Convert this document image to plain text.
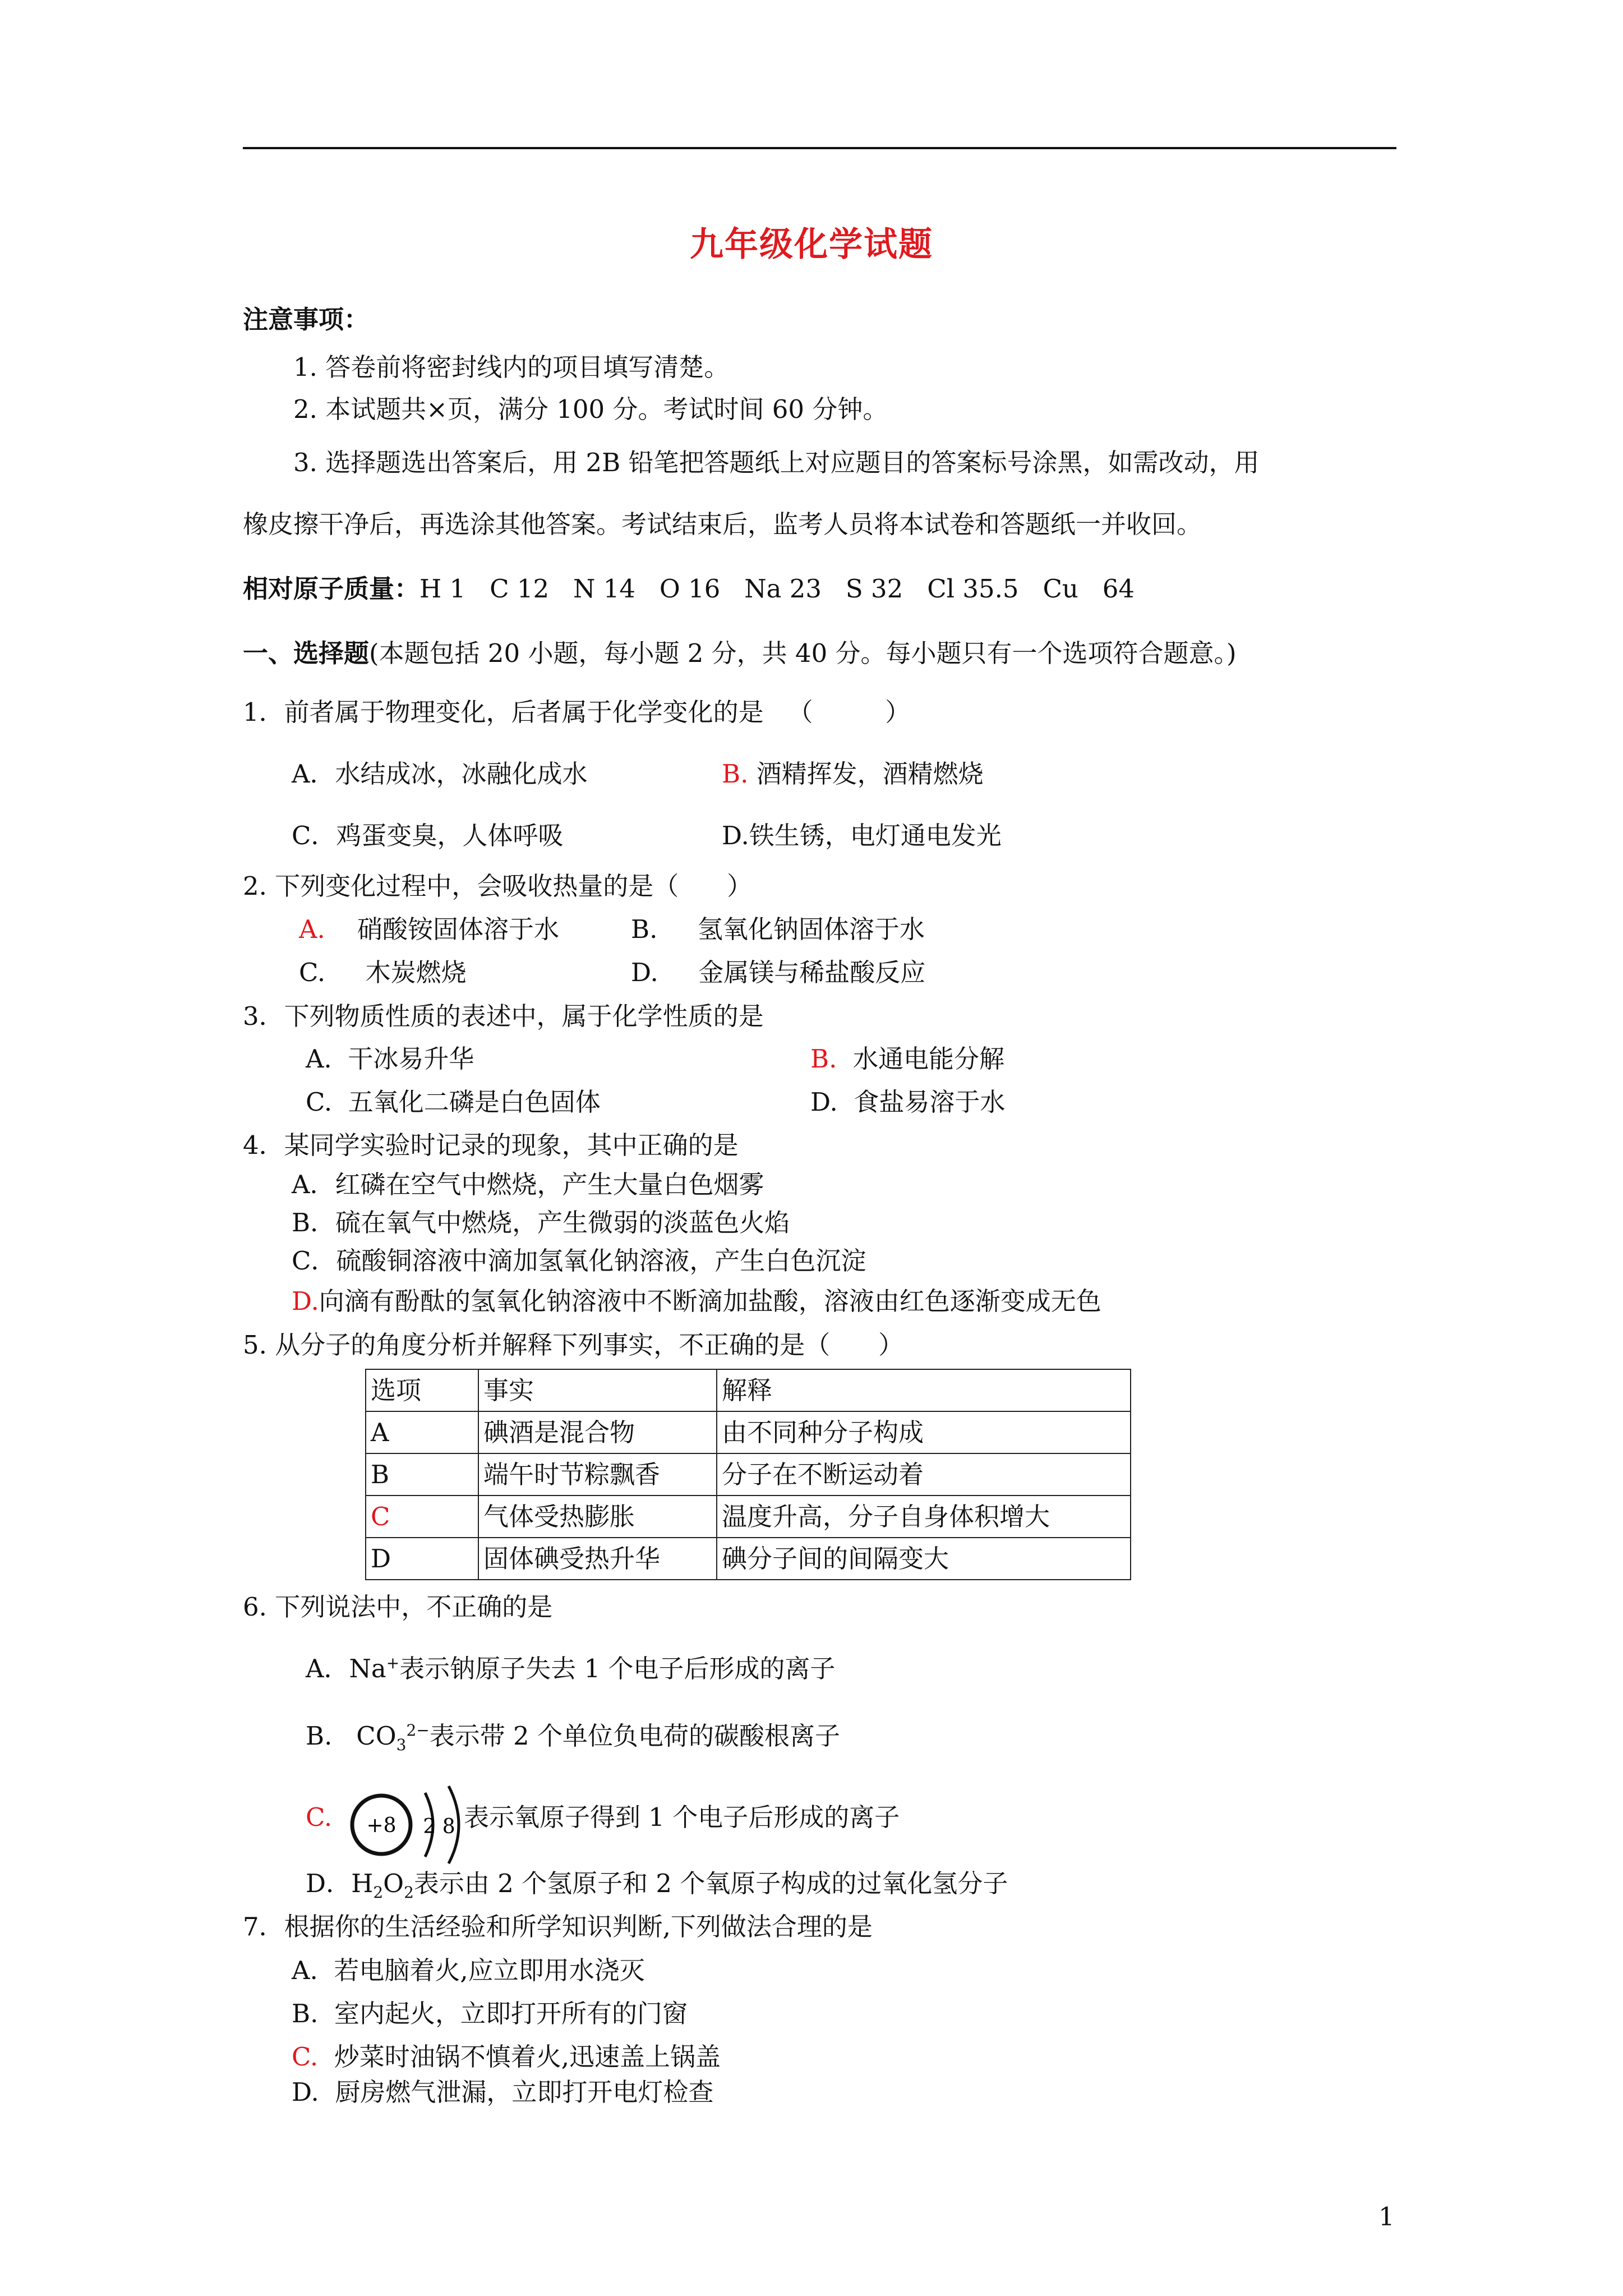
九年级化学试题
注意事项：
1. 答卷前将密封线内的项目填写清楚。
2. 本试题共×页，满分 100 分。考试时间 60 分钟。
3. 选择题选出答案后，用 2B 铅笔把答题纸上对应题目的答案标号涂黑，如需改动，用
橡皮擦干净后，再选涂其他答案。考试结束后，监考人员将本试卷和答题纸一并收回。
相对原子质量：H 1   C 12   N 14   O 16   Na 23   S 32   Cl 35.5   Cu   64
一、选择题(本题包括 20 小题，每小题 2 分，共 40 分。每小题只有一个选项符合题意。)
1．前者属于物理变化，后者属于化学变化的是   （         ）
A．水结成冰，冰融化成水	B. 酒精挥发，酒精燃烧
C．鸡蛋变臭，人体呼吸	D.铁生锈，电灯通电发光
2. 下列变化过程中，会吸收热量的是（      ）
A.    硝酸铵固体溶于水	B.     氢氧化钠固体溶于水
C.     木炭燃烧	D.     金属镁与稀盐酸反应
3．下列物质性质的表述中，属于化学性质的是
A.  干冰易升华	B.  水通电能分解
C.  五氧化二磷是白色固体	D.  食盐易溶于水
4．某同学实验时记录的现象，其中正确的是
A．红磷在空气中燃烧，产生大量白色烟雾
B．硫在氧气中燃烧，产生微弱的淡蓝色火焰
C．硫酸铜溶液中滴加氢氧化钠溶液，产生白色沉淀
D.向滴有酚酞的氢氧化钠溶液中不断滴加盐酸，溶液由红色逐渐变成无色
5. 从分子的角度分析并解释下列事实，不正确的是（      ）
选项	事实	解释
A	碘酒是混合物	由不同种分子构成
B	端午时节粽飘香	分子在不断运动着
C	气体受热膨胀	温度升高，分子自身体积增大
D	固体碘受热升华	碘分子间的间隔变大
6. 下列说法中，不正确的是
A．Na+表示钠原子失去 1 个电子后形成的离子
B.   $CO_3^{2-}$表示带 2 个单位负电荷的碳酸根离子
C. +8 2 8 表示氧原子得到 1 个电子后形成的离子
D．$H_2O_2$表示由 2 个氢原子和 2 个氧原子构成的过氧化氢分子
7．根据你的生活经验和所学知识判断,下列做法合理的是
A.  若电脑着火,应立即用水浇灭
B.  室内起火，立即打开所有的门窗
C.  炒菜时油锅不慎着火,迅速盖上锅盖
D.  厨房燃气泄漏，立即打开电灯检查
1
